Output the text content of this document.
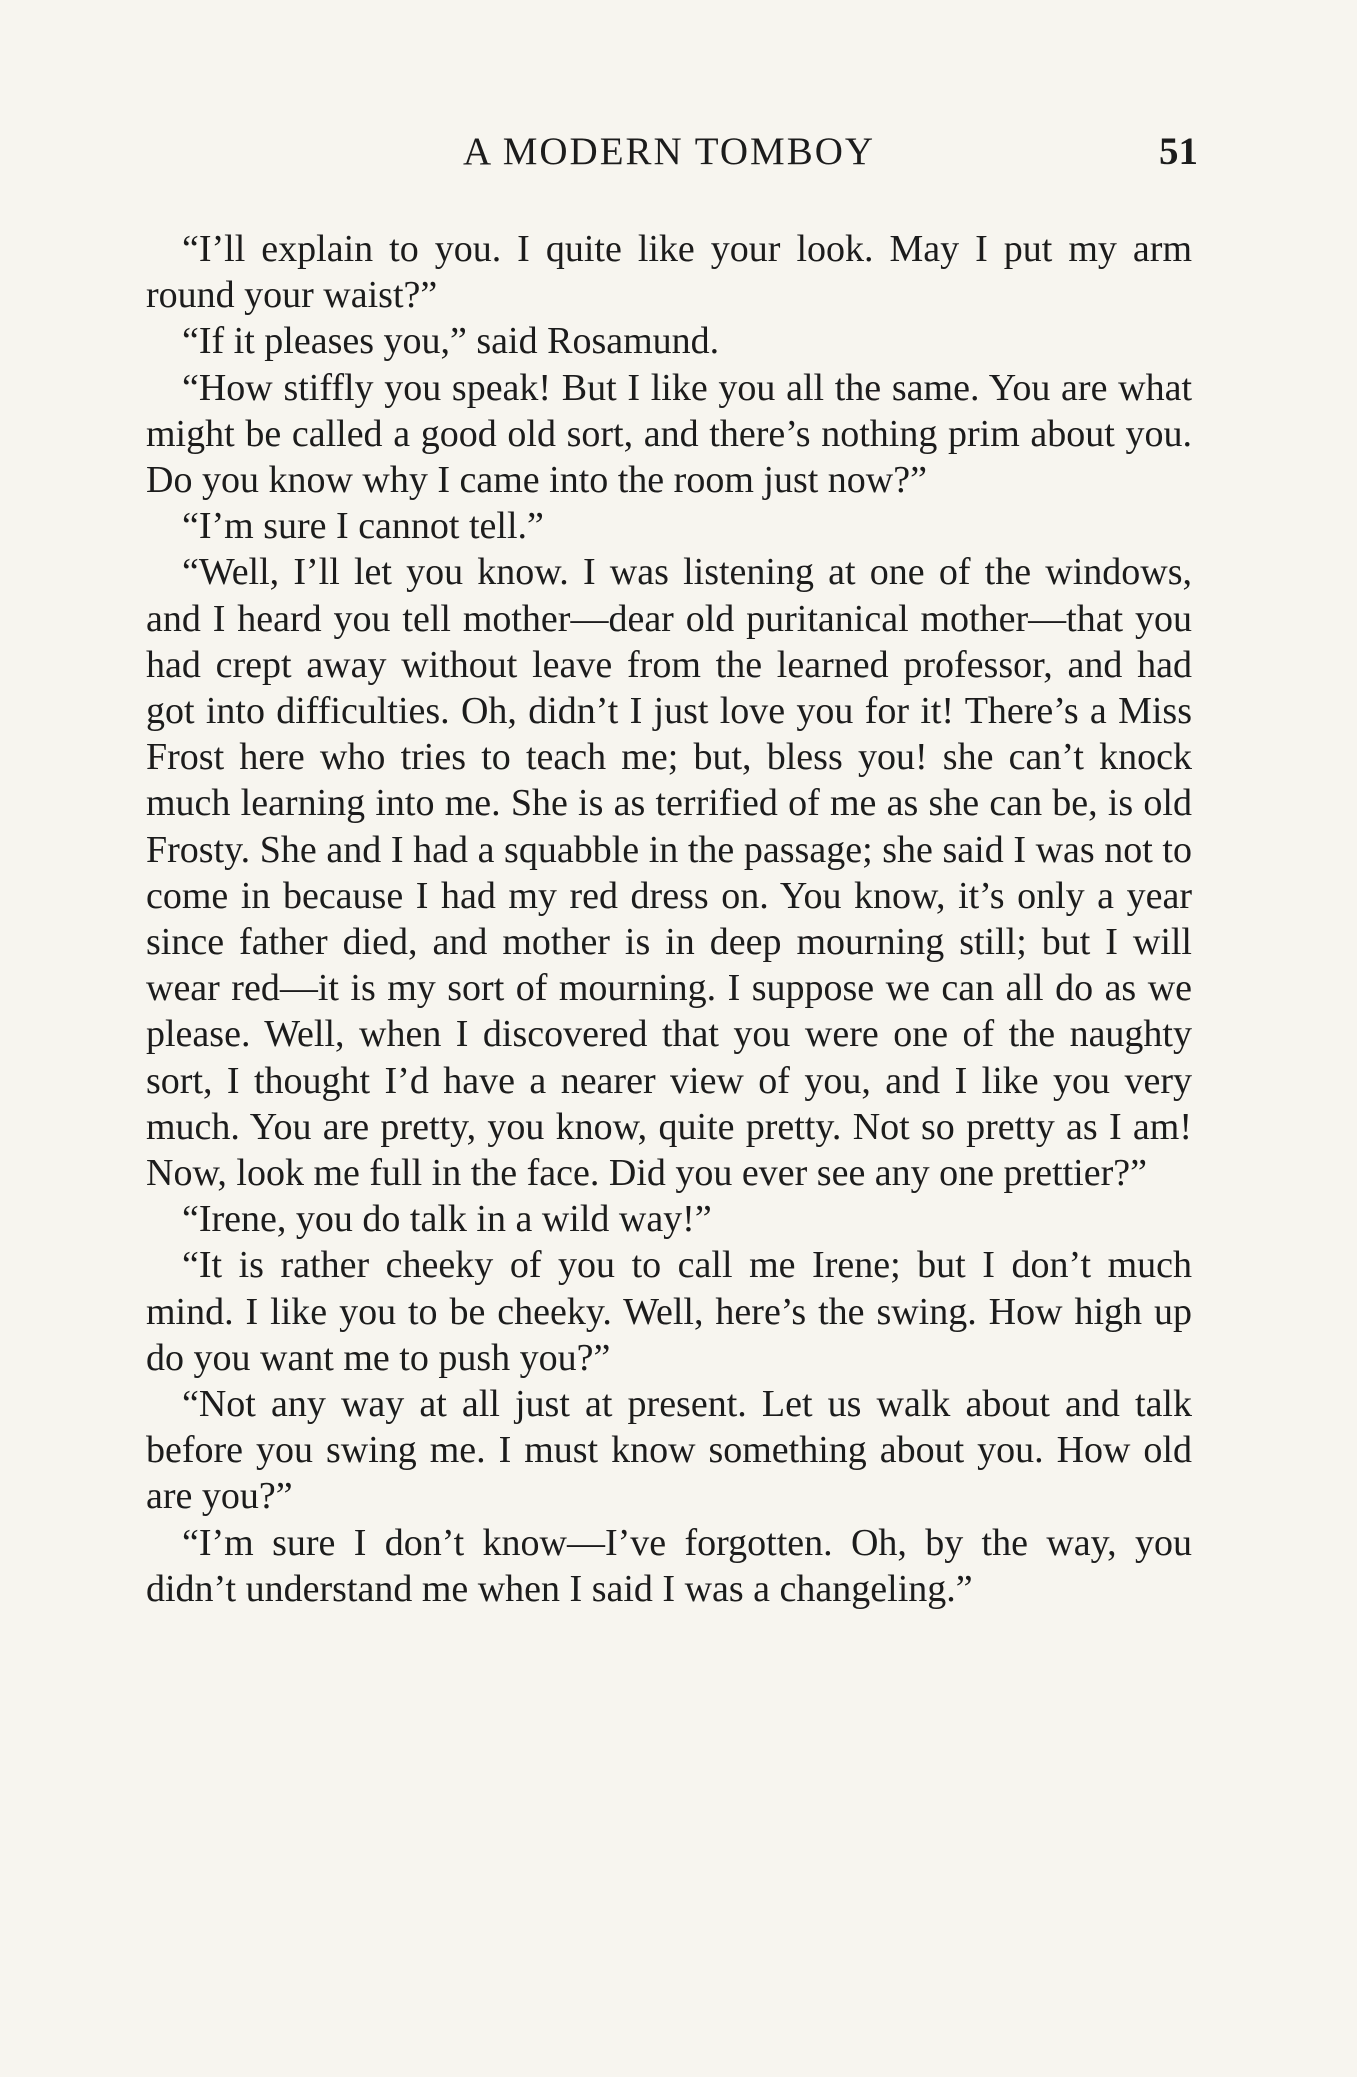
A MODERN TOMBOY	51

“I’ll explain to you. I quite like your look. May I put my arm round your waist?”

“If it pleases you,” said Rosamund.

“How stiffly you speak! But I like you all the same. You are what might be called a good old sort, and there’s nothing prim about you. Do you know why I came into the room just now?”

“I’m sure I cannot tell.”

“Well, I’ll let you know. I was listening at one of the windows, and I heard you tell mother—dear old puritanical mother—that you had crept away without leave from the learned professor, and had got into difficulties. Oh, didn’t I just love you for it! There’s a Miss Frost here who tries to teach me; but, bless you! she can’t knock much learning into me. She is as terrified of me as she can be, is old Frosty. She and I had a squabble in the passage; she said I was not to come in because I had my red dress on. You know, it’s only a year since father died, and mother is in deep mourning still; but I will wear red—it is my sort of mourning. I suppose we can all do as we please. Well, when I discovered that you were one of the naughty sort, I thought I’d have a nearer view of you, and I like you very much. You are pretty, you know, quite pretty. Not so pretty as I am! Now, look me full in the face. Did you ever see any one prettier?”

“Irene, you do talk in a wild way!”

“It is rather cheeky of you to call me Irene; but I don’t much mind. I like you to be cheeky. Well, here’s the swing. How high up do you want me to push you?”

“Not any way at all just at present. Let us walk about and talk before you swing me. I must know something about you. How old are you?”

“I’m sure I don’t know—I’ve forgotten. Oh, by the way, you didn’t understand me when I said I was a changeling.”
